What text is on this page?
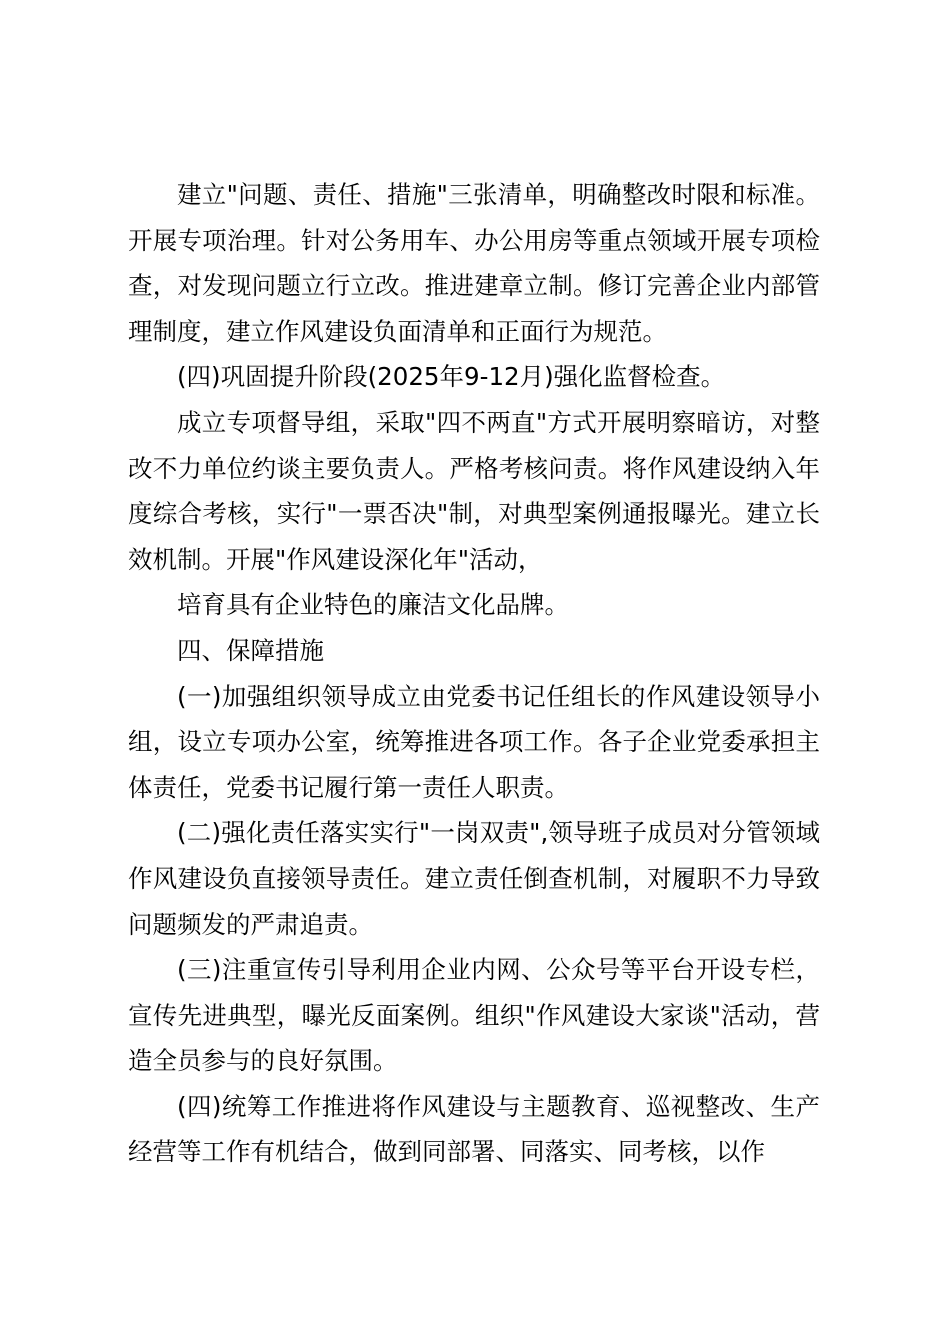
建立"问题、责任、措施"三张清单，明确整改时限和标准。开展专项治理。针对公务用车、办公用房等重点领域开展专项检查，对发现问题立行立改。推进建章立制。修订完善企业内部管理制度，建立作风建设负面清单和正面行为规范。

(四)巩固提升阶段(2025年9-12月)强化监督检查。

成立专项督导组，采取"四不两直"方式开展明察暗访，对整改不力单位约谈主要负责人。严格考核问责。将作风建设纳入年度综合考核，实行"一票否决"制，对典型案例通报曝光。建立长效机制。开展"作风建设深化年"活动，

培育具有企业特色的廉洁文化品牌。

四、保障措施

(一)加强组织领导成立由党委书记任组长的作风建设领导小组，设立专项办公室，统筹推进各项工作。各子企业党委承担主体责任，党委书记履行第一责任人职责。

(二)强化责任落实实行"一岗双责",领导班子成员对分管领域作风建设负直接领导责任。建立责任倒查机制，对履职不力导致问题频发的严肃追责。

(三)注重宣传引导利用企业内网、公众号等平台开设专栏，宣传先进典型，曝光反面案例。组织"作风建设大家谈"活动，营造全员参与的良好氛围。

(四)统筹工作推进将作风建设与主题教育、巡视整改、生产经营等工作有机结合，做到同部署、同落实、同考核，以作
